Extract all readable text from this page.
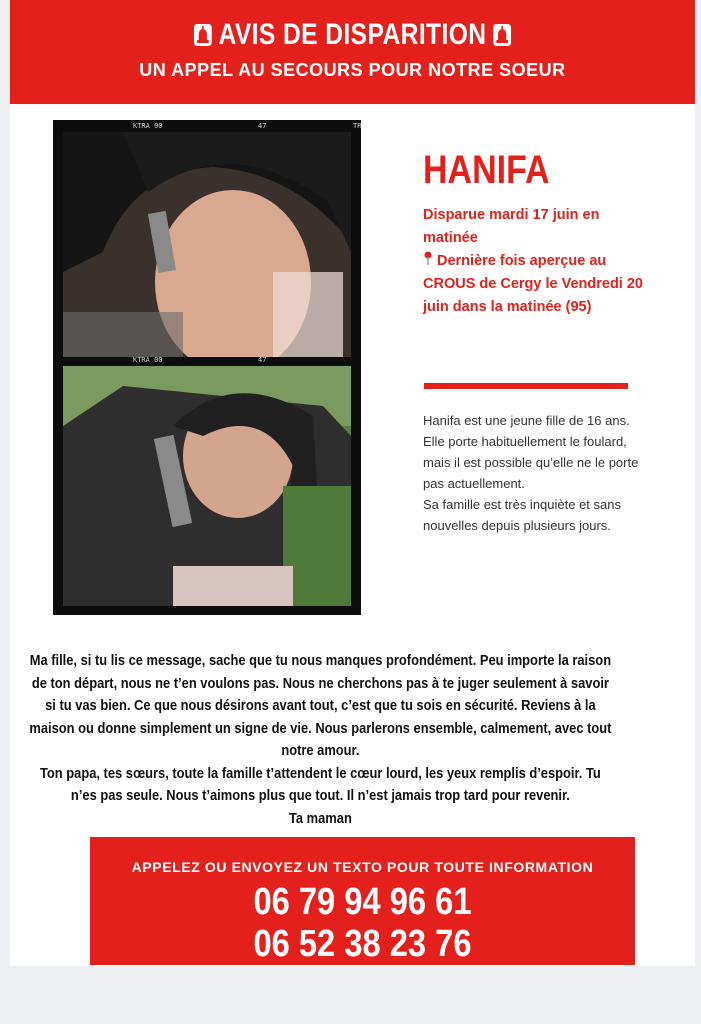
AVIS DE DISPARITION
UN APPEL AU SECOURS POUR NOTRE SOEUR
KTRA 00	47	TR
KTRA 00	47
HANIFA
Disparue mardi 17 juin en matinée
Dernière fois aperçue au CROUS de Cergy le Vendredi 20 juin dans la matinée (95)
Hanifa est une jeune fille de 16 ans. Elle porte habituellement le foulard, mais il est possible qu’elle ne le porte pas actuellement.
Sa famille est très inquiète et sans nouvelles depuis plusieurs jours.
Ma fille, si tu lis ce message, sache que tu nous manques profondément. Peu importe la raison de ton départ, nous ne t’en voulons pas. Nous ne cherchons pas à te juger seulement à savoir si tu vas bien. Ce que nous désirons avant tout, c’est que tu sois en sécurité. Reviens à la maison ou donne simplement un signe de vie. Nous parlerons ensemble, calmement, avec tout notre amour.
Ton papa, tes sœurs, toute la famille t’attendent le cœur lourd, les yeux remplis d’espoir. Tu n’es pas seule. Nous t’aimons plus que tout. Il n’est jamais trop tard pour revenir.
Ta maman
APPELEZ OU ENVOYEZ UN TEXTO POUR TOUTE INFORMATION
06 79 94 96 61
06 52 38 23 76
